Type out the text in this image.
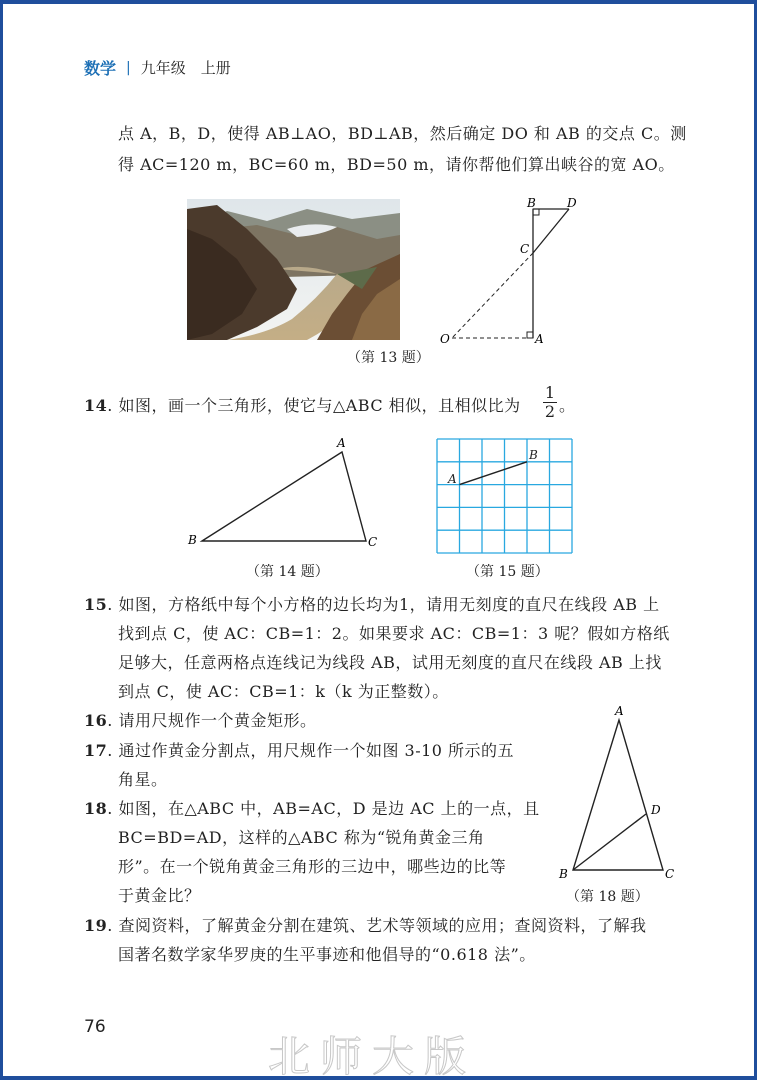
数学 | 九年级　上册
点 A，B，D，使得 AB⊥AO，BD⊥AB，然后确定 DO 和 AB 的交点 C。测
得 AC=120 m，BC=60 m，BD=50 m，请你帮他们算出峡谷的宽 AO。
B	D
C
O	A
（第 13 题）
14. 如图，画一个三角形，使它与△ABC 相似，且相似比为
1
2 。
A
B	C
（第 14 题）
A
B
（第 15 题）
15. 如图，方格纸中每个小方格的边长均为1，请用无刻度的直尺在线段 AB 上
找到点 C，使 AC：CB=1：2。如果要求 AC：CB=1：3 呢？假如方格纸
足够大，任意两格点连线记为线段 AB，试用无刻度的直尺在线段 AB 上找
到点 C，使 AC：CB=1：k（k 为正整数）。
16. 请用尺规作一个黄金矩形。
17. 通过作黄金分割点，用尺规作一个如图 3-10 所示的五
角星。
18. 如图，在△ABC 中，AB=AC，D 是边 AC 上的一点，且
BC=BD=AD，这样的△ABC 称为“锐角黄金三角
形”。在一个锐角黄金三角形的三边中，哪些边的比等
于黄金比？
A
B	C
D
（第 18 题）
19. 查阅资料，了解黄金分割在建筑、艺术等领域的应用；查阅资料，了解我
国著名数学家华罗庚的生平事迹和他倡导的“0.618 法”。
76
北师大版
